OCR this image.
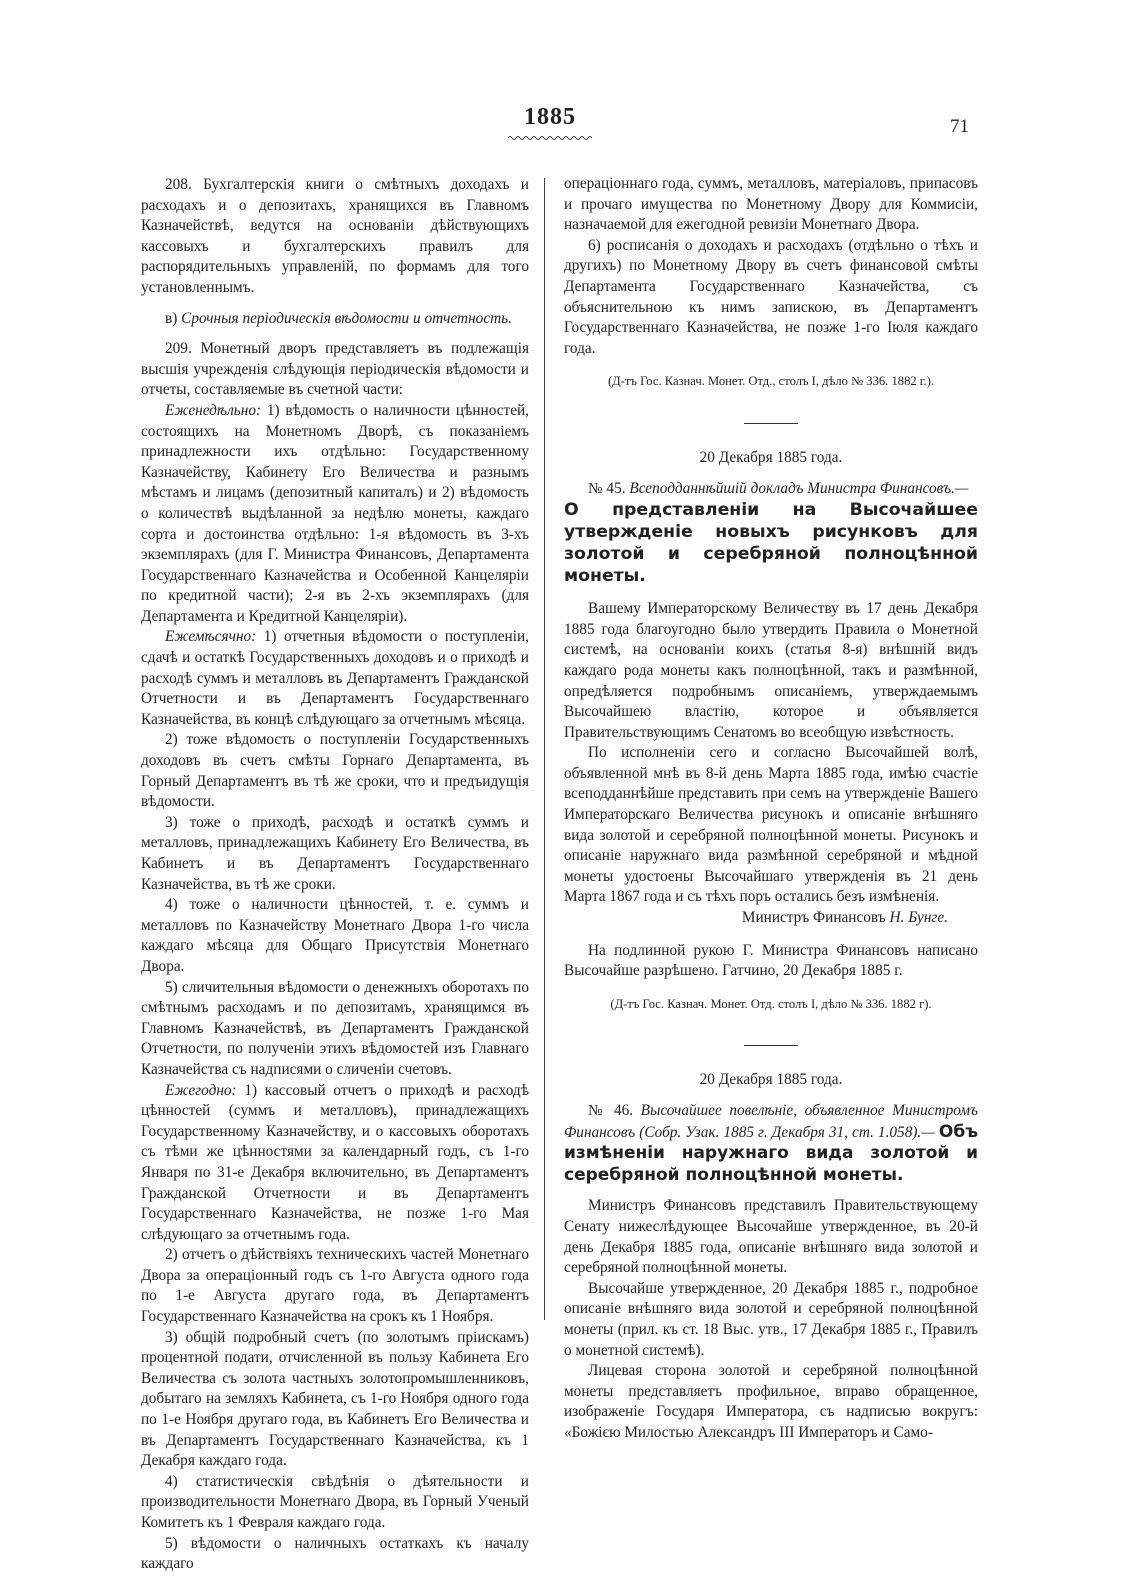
1885	71

208. Бухгалтерскія книги о смѣтныхъ доходахъ и расходахъ и о депозитахъ, хранящихся въ Главномъ Казначействѣ, ведутся на основаніи дѣйствующихъ кассовыхъ и бухгалтерскихъ правилъ для распорядительныхъ управленій, по формамъ для того установленнымъ.

в) Срочныя періодическія вѣдомости и отчетность.

209. Монетный дворъ представляетъ въ подлежащія высшія учрежденія слѣдующія періодическія вѣдомости и отчеты, составляемые въ счетной части:

Еженедѣльно: 1) вѣдомость о наличности цѣнностей, состоящихъ на Монетномъ Дворѣ, съ показаніемъ принадлежности ихъ отдѣльно: Государственному Казначейству, Кабинету Его Величества и разнымъ мѣстамъ и лицамъ (депозитный капиталъ) и 2) вѣдомость о количествѣ выдѣланной за недѣлю монеты, каждаго сорта и достоинства отдѣльно: 1-я вѣдомость въ 3-хъ экземплярахъ (для Г. Министра Финансовъ, Департамента Государственнаго Казначейства и Особенной Канцеляріи по кредитной части); 2-я въ 2-хъ экземплярахъ (для Департамента и Кредитной Канцеляріи).

Ежемѣсячно: 1) отчетныя вѣдомости о поступленіи, сдачѣ и остаткѣ Государственныхъ доходовъ и о приходѣ и расходѣ суммъ и металловъ въ Департаментъ Гражданской Отчетности и въ Департаментъ Государственнаго Казначейства, въ концѣ слѣдующаго за отчетнымъ мѣсяца.

2) тоже вѣдомость о поступленіи Государственныхъ доходовъ въ счетъ смѣты Горнаго Департамента, въ Горный Департаментъ въ тѣ же сроки, что и предъидущія вѣдомости.

3) тоже о приходѣ, расходѣ и остаткѣ суммъ и металловъ, принадлежащихъ Кабинету Его Величества, въ Кабинетъ и въ Департаментъ Государственнаго Казначейства, въ тѣ же сроки.

4) тоже о наличности цѣнностей, т. е. суммъ и металловъ по Казначейству Монетнаго Двора 1-го числа каждаго мѣсяца для Общаго Присутствія Монетнаго Двора.

5) сличительныя вѣдомости о денежныхъ оборотахъ по смѣтнымъ расходамъ и по депозитамъ, хранящимся въ Главномъ Казначействѣ, въ Департаментъ Гражданской Отчетности, по полученіи этихъ вѣдомостей изъ Главнаго Казначейства съ надписями о сличеніи счетовъ.

Ежегодно: 1) кассовый отчетъ о приходѣ и расходѣ цѣнностей (суммъ и металловъ), принадлежащихъ Государственному Казначейству, и о кассовыхъ оборотахъ съ тѣми же цѣнностями за календарный годъ, съ 1-го Января по 31-е Декабря включительно, въ Департаментъ Гражданской Отчетности и въ Департаментъ Государственнаго Казначейства, не позже 1-го Мая слѣдующаго за отчетнымъ года.

2) отчетъ о дѣйствіяхъ техническихъ частей Монетнаго Двора за операціонный годъ съ 1-го Августа одного года по 1-е Августа другаго года, въ Департаментъ Государственнаго Казначейства на срокъ къ 1 Ноября.

3) общій подробный счетъ (по золотымъ пріискамъ) процентной подати, отчисленной въ пользу Кабинета Его Величества съ золота частныхъ золотопромышленниковъ, добытаго на земляхъ Кабинета, съ 1-го Ноября одного года по 1-е Ноября другаго года, въ Кабинетъ Его Величества и въ Департаментъ Государственнаго Казначейства, къ 1 Декабря каждаго года.

4) статистическія свѣдѣнія о дѣятельности и производительности Монетнаго Двора, въ Горный Ученый Комитетъ къ 1 Февраля каждаго года.

5) вѣдомости о наличныхъ остаткахъ къ началу каждаго

операціоннаго года, суммъ, металловъ, матеріаловъ, припасовъ и прочаго имущества по Монетному Двору для Коммисіи, назначаемой для ежегодной ревизіи Монетнаго Двора.

6) росписанія о доходахъ и расходахъ (отдѣльно о тѣхъ и другихъ) по Монетному Двору въ счетъ финансовой смѣты Департамента Государственнаго Казначейства, съ объяснительною къ нимъ запискою, въ Департаментъ Государственнаго Казначейства, не позже 1-го Іюля каждаго года.

(Д-тъ Гос. Казнач. Монет. Отд., столъ I, дѣло № 336. 1882 г.).

20 Декабря 1885 года.

№ 45. Всеподданнѣйшій докладъ Министра Финансовъ.—

О представленіи на Высочайшее утвержденіе новыхъ рисунковъ для золотой и серебряной полноцѣнной монеты.

Вашему Императорскому Величеству въ 17 день Декабря 1885 года благоугодно было утвердить Правила о Монетной системѣ, на основаніи коихъ (статья 8-я) внѣшній видъ каждаго рода монеты какъ полноцѣнной, такъ и размѣнной, опредѣляется подробнымъ описаніемъ, утверждаемымъ Высочайшею властію, которое и объявляется Правительствующимъ Сенатомъ во всеобщую извѣстность.

По исполненіи сего и согласно Высочайшей волѣ, объявленной мнѣ въ 8-й день Марта 1885 года, имѣю счастіе всеподданнѣйше представить при семъ на утвержденіе Вашего Императорскаго Величества рисунокъ и описаніе внѣшняго вида золотой и серебряной полноцѣнной монеты. Рисунокъ и описаніе наружнаго вида размѣнной серебряной и мѣдной монеты удостоены Высочайшаго утвержденія въ 21 день Марта 1867 года и съ тѣхъ поръ остались безъ измѣненія.

Министръ Финансовъ Н. Бунге.

На подлинной рукою Г. Министра Финансовъ написано Высочайше разрѣшено. Гатчино, 20 Декабря 1885 г.

(Д-тъ Гос. Казнач. Монет. Отд. столъ I, дѣло № 336. 1882 г).

20 Декабря 1885 года.

№ 46. Высочайшее повелѣніе, объявленное Министромъ Финансовъ (Собр. Узак. 1885 г. Декабря 31, ст. 1.058).— Объ измѣненіи наружнаго вида золотой и серебряной полноцѣнной монеты.

Министръ Финансовъ представилъ Правительствующему Сенату нижеслѣдующее Высочайше утвержденное, въ 20-й день Декабря 1885 года, описаніе внѣшняго вида золотой и серебряной полноцѣнной монеты.

Высочайше утвержденное, 20 Декабря 1885 г., подробное описаніе внѣшняго вида золотой и серебряной полноцѣнной монеты (прил. къ ст. 18 Выс. утв., 17 Декабря 1885 г., Правилъ о монетной системѣ).

Лицевая сторона золотой и серебряной полноцѣнной монеты представляетъ профильное, вправо обращенное, изображеніе Государя Императора, съ надписью вокругъ: «Божією Милостью Александръ III Императоръ и Само-
